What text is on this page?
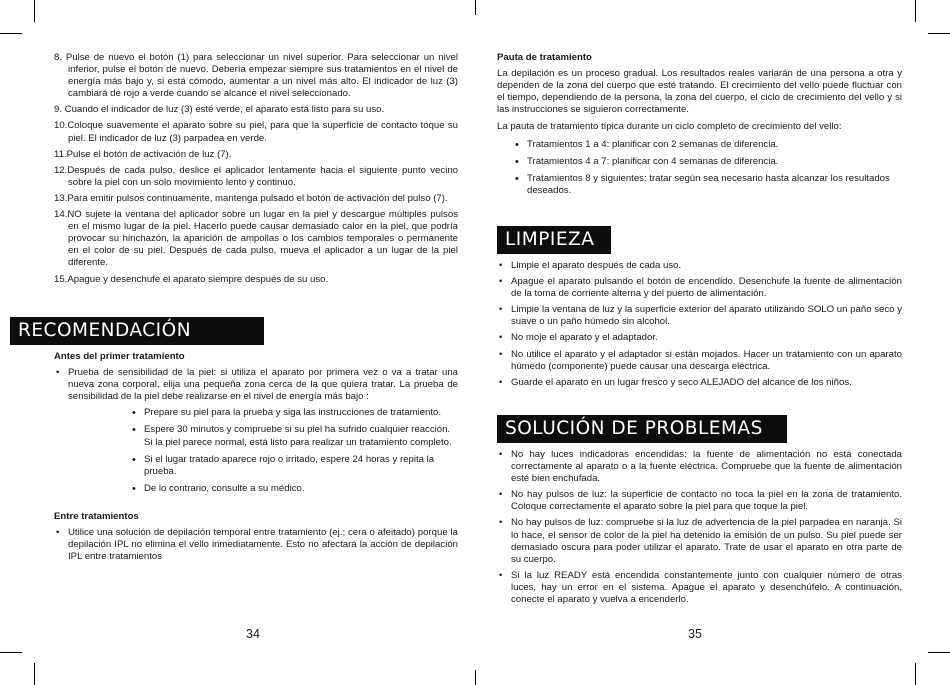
8. Pulse de nuevo el botón (1) para seleccionar un nivel superior. Para seleccionar un nivel inferior, pulse el botón de nuevo. Debería empezar siempre sus tratamientos en el nivel de energía más bajo y, si está cómodo, aumentar a un nivel más alto. El indicador de luz (3) cambiará de rojo a verde cuando se alcance el nivel seleccionado.
9. Cuando el indicador de luz (3) esté verde, el aparato está listo para su uso.
10.Coloque suavemente el aparato sobre su piel, para que la superficie de contacto toque su piel. El indicador de luz (3) parpadea en verde.
11.Pulse el botón de activación de luz (7).
12.Después de cada pulso, deslice el aplicador lentamente hacia el siguiente punto vecino sobre la piel con un solo movimiento lento y continuo.
13.Para emitir pulsos continuamente, mantenga pulsado el botón de activación del pulso (7).
14.NO sujete la ventana del aplicador sobre un lugar en la piel y descargue múltiples pulsos en el mismo lugar de la piel. Hacerlo puede causar demasiado calor en la piel, que podría provocar su hinchazón, la aparición de ampollas o los cambios temporales o permanente en el color de su piel. Después de cada pulso, mueva el aplicador a un lugar de la piel diferente.
15.Apague y desenchufe el aparato siempre después de su uso.
RECOMENDACIÓN
Antes del primer tratamiento
• Prueba de sensibilidad de la piel: si utiliza el aparato por primera vez o va a tratar una nueva zona corporal, elija una pequeña zona cerca de la que quiera tratar. La prueba de sensibilidad de la piel debe realizarse en el nivel de energía más bajo :
• Prepare su piel para la prueba y siga las instrucciones de tratamiento.
• Espere 30 minutos y compruebe si su piel ha sufrido cualquier reacción. Si la piel parece normal, está listo para realizar un tratamiento completo.
• Si el lugar tratado aparece rojo o irritado, espere 24 horas y repita la prueba.
• De lo contrario, consulte a su médico.
Entre tratamientos
• Utilice una solución de depilación temporal entre tratamiento (ej.; cera o afeitado) porque la depilación IPL no elimina el vello inmediatamente. Esto no afectará la acción de depilación IPL entre tratamientos
34
Pauta de tratamiento

La depilación es un proceso gradual. Los resultados reales variarán de una persona a otra y dependen de la zona del cuerpo que esté tratando. El crecimiento del vello puede fluctuar con el tiempo, dependiendo de la persona, la zona del cuerpo, el ciclo de crecimiento del vello y si las instrucciones se siguieron correctamente.

La pauta de tratamiento típica durante un ciclo completo de crecimiento del vello:

• Tratamientos 1 a 4: planificar con 2 semanas de diferencia.
• Tratamientos 4 a 7: planificar con 4 semanas de diferencia.
• Tratamientos 8 y siguientes: tratar según sea necesario hasta alcanzar los resultados deseados.
LIMPIEZA
• Limpie el aparato después de cada uso.
• Apague el aparato pulsando el botón de encendido. Desenchufe la fuente de alimentación de la toma de corriente alterna y del puerto de alimentación.
• Limpie la ventana de luz y la superficie exterior del aparato utilizando SOLO un paño seco y suave o un paño húmedo sin alcohol.
• No moje el aparato y el adaptador.
• No utilice el aparato y el adaptador si están mojados. Hacer un tratamiento con un aparato húmedo (componente) puede causar una descarga eléctrica.
• Guarde el aparato en un lugar fresco y seco ALEJADO del alcance de los niños.
SOLUCIÓN DE PROBLEMAS
• No hay luces indicadoras encendidas: la fuente de alimentación no está conectada correctamente al aparato o a la fuente eléctrica. Compruebe que la fuente de alimentación esté bien enchufada.
• No hay pulsos de luz: la superficie de contacto no toca la piel en la zona de tratamiento. Coloque correctamente el aparato sobre la piel para que toque la piel.
• No hay pulsos de luz: compruebe si la luz de advertencia de la piel parpadea en naranja. Si lo hace, el sensor de color de la piel ha detenido la emisión de un pulso. Su piel puede ser demasiado oscura para poder utilizar el aparato. Trate de usar el aparato en otra parte de su cuerpo.
• Si la luz READY está encendida constantemente junto con cualquier número de otras luces, hay un error en el sistema. Apague el aparato y desenchúfelo. A continuación, conecte el aparato y vuelva a encenderlo.
35
